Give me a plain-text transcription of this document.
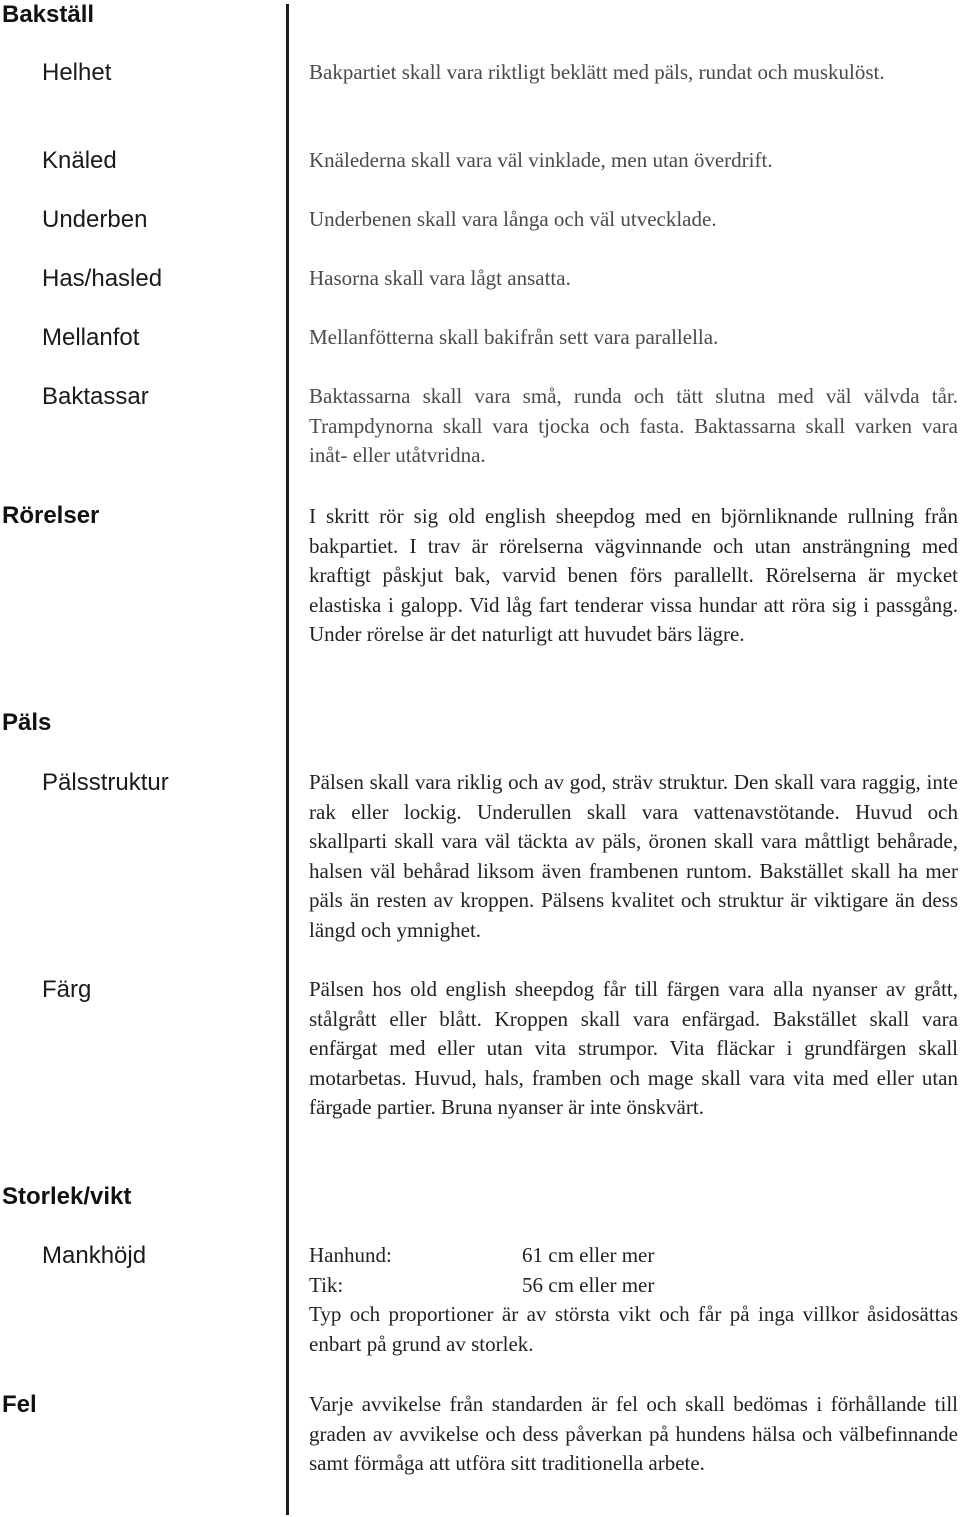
Bakställ
Helhet	Bakpartiet skall vara riktligt beklätt med päls, rundat och muskulöst.
Knäled	Knälederna skall vara väl vinklade, men utan överdrift.
Underben	Underbenen skall vara långa och väl utvecklade.
Has/hasled	Hasorna skall vara lågt ansatta.
Mellanfot	Mellanfötterna skall bakifrån sett vara parallella.
Baktassar	Baktassarna skall vara små, runda och tätt slutna med väl välvda tår. Trampdynorna skall vara tjocka och fasta. Baktassarna skall varken vara inåt- eller utåtvridna.
Rörelser	I skritt rör sig old english sheepdog med en björnliknande rullning från bakpartiet. I trav är rörelserna vägvinnande och utan ansträngning med kraftigt påskjut bak, varvid benen förs parallellt. Rörelserna är mycket elastiska i galopp. Vid låg fart tenderar vissa hundar att röra sig i passgång. Under rörelse är det naturligt att huvudet bärs lägre.
Päls
Pälsstruktur	Pälsen skall vara riklig och av god, sträv struktur. Den skall vara raggig, inte rak eller lockig. Underullen skall vara vattenavstötande. Huvud och skallparti skall vara väl täckta av päls, öronen skall vara måttligt behårade, halsen väl behårad liksom även frambenen runtom. Bakstället skall ha mer päls än resten av kroppen. Pälsens kvalitet och struktur är viktigare än dess längd och ymnighet.
Färg	Pälsen hos old english sheepdog får till färgen vara alla nyanser av grått, stålgrått eller blått. Kroppen skall vara enfärgad. Bakstället skall vara enfärgat med eller utan vita strumpor. Vita fläckar i grundfärgen skall motarbetas. Huvud, hals, framben och mage skall vara vita med eller utan färgade partier. Bruna nyanser är inte önskvärt.
Storlek/vikt
Mankhöjd	Hanhund:	61 cm eller mer
Tik:	56 cm eller mer
Typ och proportioner är av största vikt och får på inga villkor åsidosättas enbart på grund av storlek.
Fel	Varje avvikelse från standarden är fel och skall bedömas i förhållande till graden av avvikelse och dess påverkan på hundens hälsa och välbefinnande samt förmåga att utföra sitt traditionella arbete.
